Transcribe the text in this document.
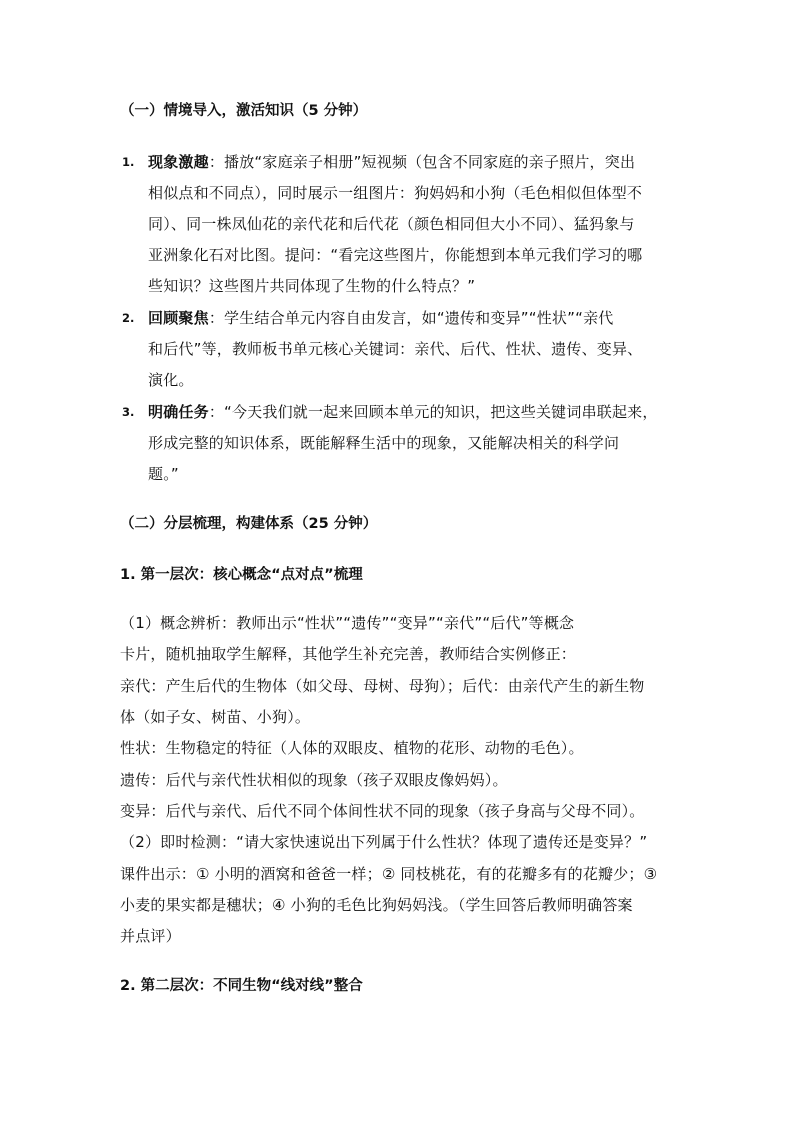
（一）情境导入，激活知识（5 分钟）
1. 现象激趣：播放“家庭亲子相册”短视频（包含不同家庭的亲子照片，突出
相似点和不同点），同时展示一组图片：狗妈妈和小狗（毛色相似但体型不
同）、同一株凤仙花的亲代花和后代花（颜色相同但大小不同）、猛犸象与
亚洲象化石对比图。提问：“看完这些图片，你能想到本单元我们学习的哪
些知识？这些图片共同体现了生物的什么特点？”
2. 回顾聚焦：学生结合单元内容自由发言，如“遗传和变异”“性状”“亲代
和后代”等，教师板书单元核心关键词：亲代、后代、性状、遗传、变异、
演化。
3. 明确任务：“今天我们就一起来回顾本单元的知识，把这些关键词串联起来，
形成完整的知识体系，既能解释生活中的现象，又能解决相关的科学问
题。”
（二）分层梳理，构建体系（25 分钟）
1. 第一层次：核心概念“点对点”梳理
（1）概念辨析：教师出示“性状”“遗传”“变异”“亲代”“后代”等概念
卡片，随机抽取学生解释，其他学生补充完善，教师结合实例修正：
亲代：产生后代的生物体（如父母、母树、母狗）；后代：由亲代产生的新生物
体（如子女、树苗、小狗）。
性状：生物稳定的特征（人体的双眼皮、植物的花形、动物的毛色）。
遗传：后代与亲代性状相似的现象（孩子双眼皮像妈妈）。
变异：后代与亲代、后代不同个体间性状不同的现象（孩子身高与父母不同）。
（2）即时检测：“请大家快速说出下列属于什么性状？体现了遗传还是变异？”
课件出示：① 小明的酒窝和爸爸一样；② 同枝桃花，有的花瓣多有的花瓣少；③
小麦的果实都是穗状；④ 小狗的毛色比狗妈妈浅。（学生回答后教师明确答案
并点评）
2. 第二层次：不同生物“线对线”整合
